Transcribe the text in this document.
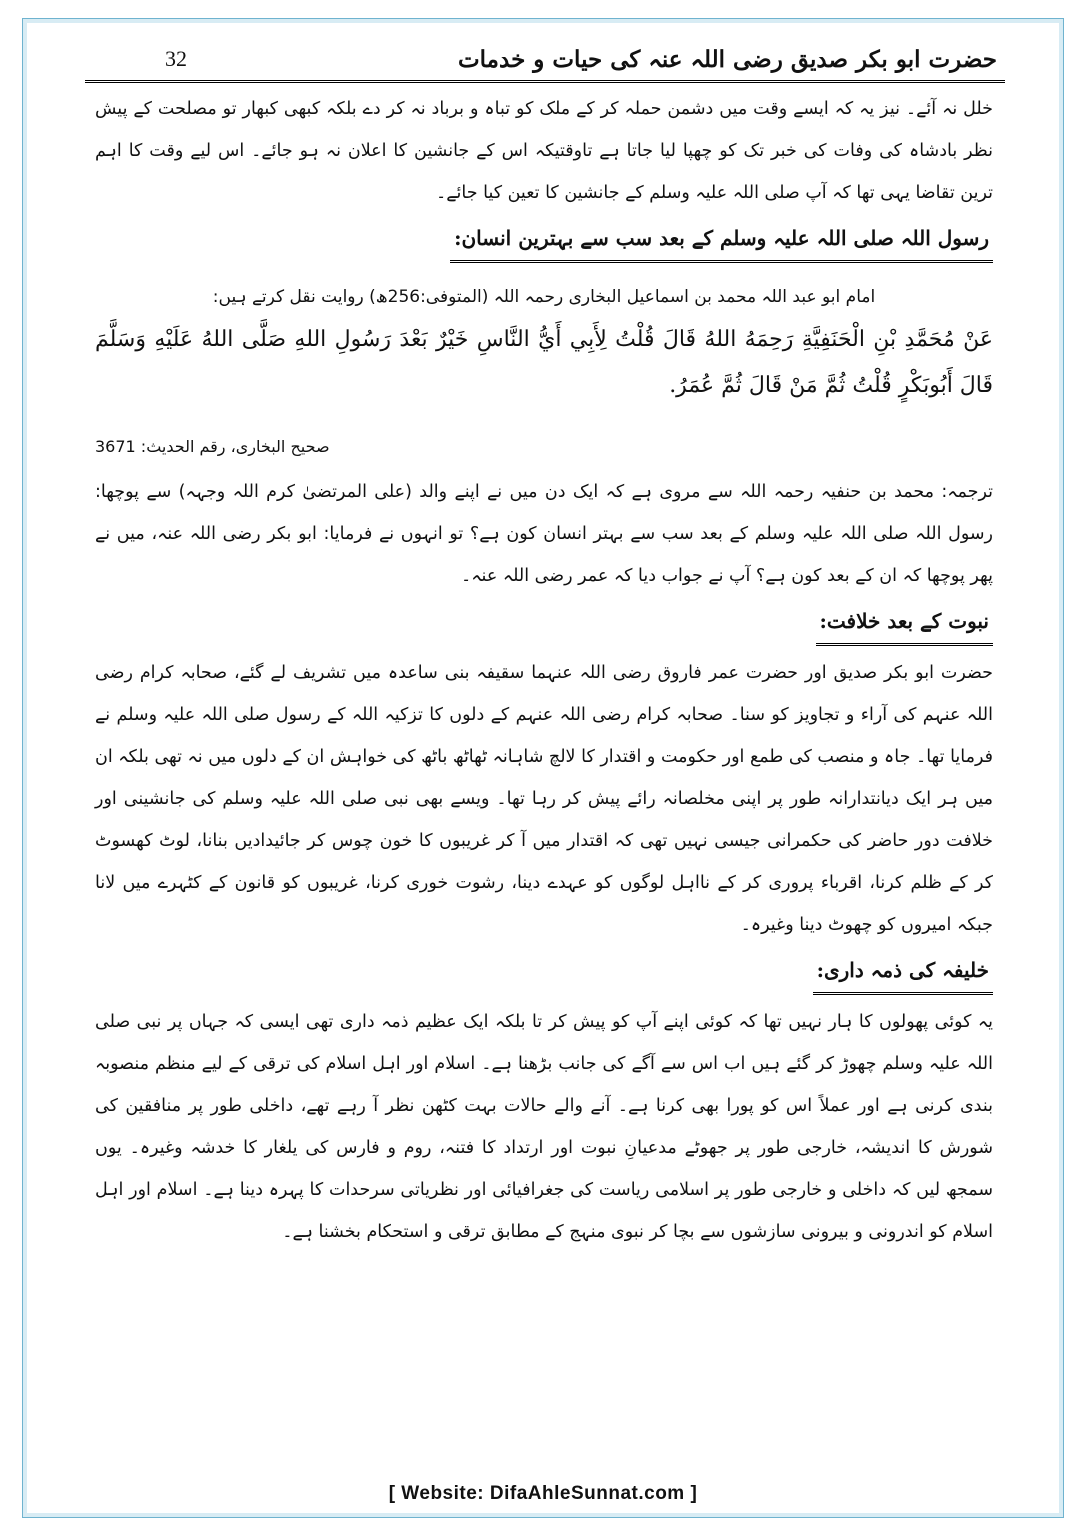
حضرت ابو بکر صدیق رضی اللہ عنہ کی حیات و خدمات
32

خلل نہ آئے۔ نیز یہ کہ ایسے وقت میں دشمن حملہ کر کے ملک کو تباہ و برباد نہ کر دے بلکہ کبھی کبھار تو مصلحت کے پیش نظر بادشاہ کی وفات کی خبر تک کو چھپا لیا جاتا ہے تاوقتیکہ اس کے جانشین کا اعلان نہ ہو جائے۔ اس لیے وقت کا اہم ترین تقاضا یہی تھا کہ آپ صلی اللہ علیہ وسلم کے جانشین کا تعین کیا جائے۔

رسول اللہ صلی اللہ علیہ وسلم کے بعد سب سے بہترین انسان:

امام ابو عبد اللہ محمد بن اسماعیل البخاری رحمہ اللہ (المتوفی:256ھ) روایت نقل کرتے ہیں:

عَنْ مُحَمَّدِ بْنِ الْحَنَفِيَّةِ رَحِمَهُ اللهُ قَالَ قُلْتُ لِأَبِي أَيُّ النَّاسِ خَيْرٌ بَعْدَ رَسُولِ اللهِ صَلَّى اللهُ عَلَيْهِ وَسَلَّمَ قَالَ أَبُوبَكْرٍ قُلْتُ ثُمَّ مَنْ قَالَ ثُمَّ عُمَرُ.

صحیح البخاری، رقم الحدیث: 3671

ترجمہ: محمد بن حنفیہ رحمہ اللہ سے مروی ہے کہ ایک دن میں نے اپنے والد (علی المرتضیٰ کرم اللہ وجہہ) سے پوچھا: رسول اللہ صلی اللہ علیہ وسلم کے بعد سب سے بہتر انسان کون ہے؟ تو انہوں نے فرمایا: ابو بکر رضی اللہ عنہ، میں نے پھر پوچھا کہ ان کے بعد کون ہے؟ آپ نے جواب دیا کہ عمر رضی اللہ عنہ۔

نبوت کے بعد خلافت:

حضرت ابو بکر صدیق اور حضرت عمر فاروق رضی اللہ عنہما سقیفہ بنی ساعدہ میں تشریف لے گئے، صحابہ کرام رضی اللہ عنہم کی آراء و تجاویز کو سنا۔ صحابہ کرام رضی اللہ عنہم کے دلوں کا تزکیہ اللہ کے رسول صلی اللہ علیہ وسلم نے فرمایا تھا۔ جاہ و منصب کی طمع اور حکومت و اقتدار کا لالچ شاہانہ ٹھاٹھ باٹھ کی خواہش ان کے دلوں میں نہ تھی بلکہ ان میں ہر ایک دیانتدارانہ طور پر اپنی مخلصانہ رائے پیش کر رہا تھا۔ ویسے بھی نبی صلی اللہ علیہ وسلم کی جانشینی اور خلافت دور حاضر کی حکمرانی جیسی نہیں تھی کہ اقتدار میں آ کر غریبوں کا خون چوس کر جائیدادیں بنانا، لوٹ کھسوٹ کر کے ظلم کرنا، اقرباء پروری کر کے نااہل لوگوں کو عہدے دینا، رشوت خوری کرنا، غریبوں کو قانون کے کٹہرے میں لانا جبکہ امیروں کو چھوٹ دینا وغیرہ۔

خلیفہ کی ذمہ داری:

یہ کوئی پھولوں کا ہار نہیں تھا کہ کوئی اپنے آپ کو پیش کر تا بلکہ ایک عظیم ذمہ داری تھی ایسی کہ جہاں پر نبی صلی اللہ علیہ وسلم چھوڑ کر گئے ہیں اب اس سے آگے کی جانب بڑھنا ہے۔ اسلام اور اہل اسلام کی ترقی کے لیے منظم منصوبہ بندی کرنی ہے اور عملاً اس کو پورا بھی کرنا ہے۔ آنے والے حالات بہت کٹھن نظر آ رہے تھے، داخلی طور پر منافقین کی شورش کا اندیشہ، خارجی طور پر جھوٹے مدعیانِ نبوت اور ارتداد کا فتنہ، روم و فارس کی یلغار کا خدشہ وغیرہ۔ یوں سمجھ لیں کہ داخلی و خارجی طور پر اسلامی ریاست کی جغرافیائی اور نظریاتی سرحدات کا پہرہ دینا ہے۔ اسلام اور اہل اسلام کو اندرونی و بیرونی سازشوں سے بچا کر نبوی منہج کے مطابق ترقی و استحکام بخشنا ہے۔

[ Website: DifaAhleSunnat.com ]
